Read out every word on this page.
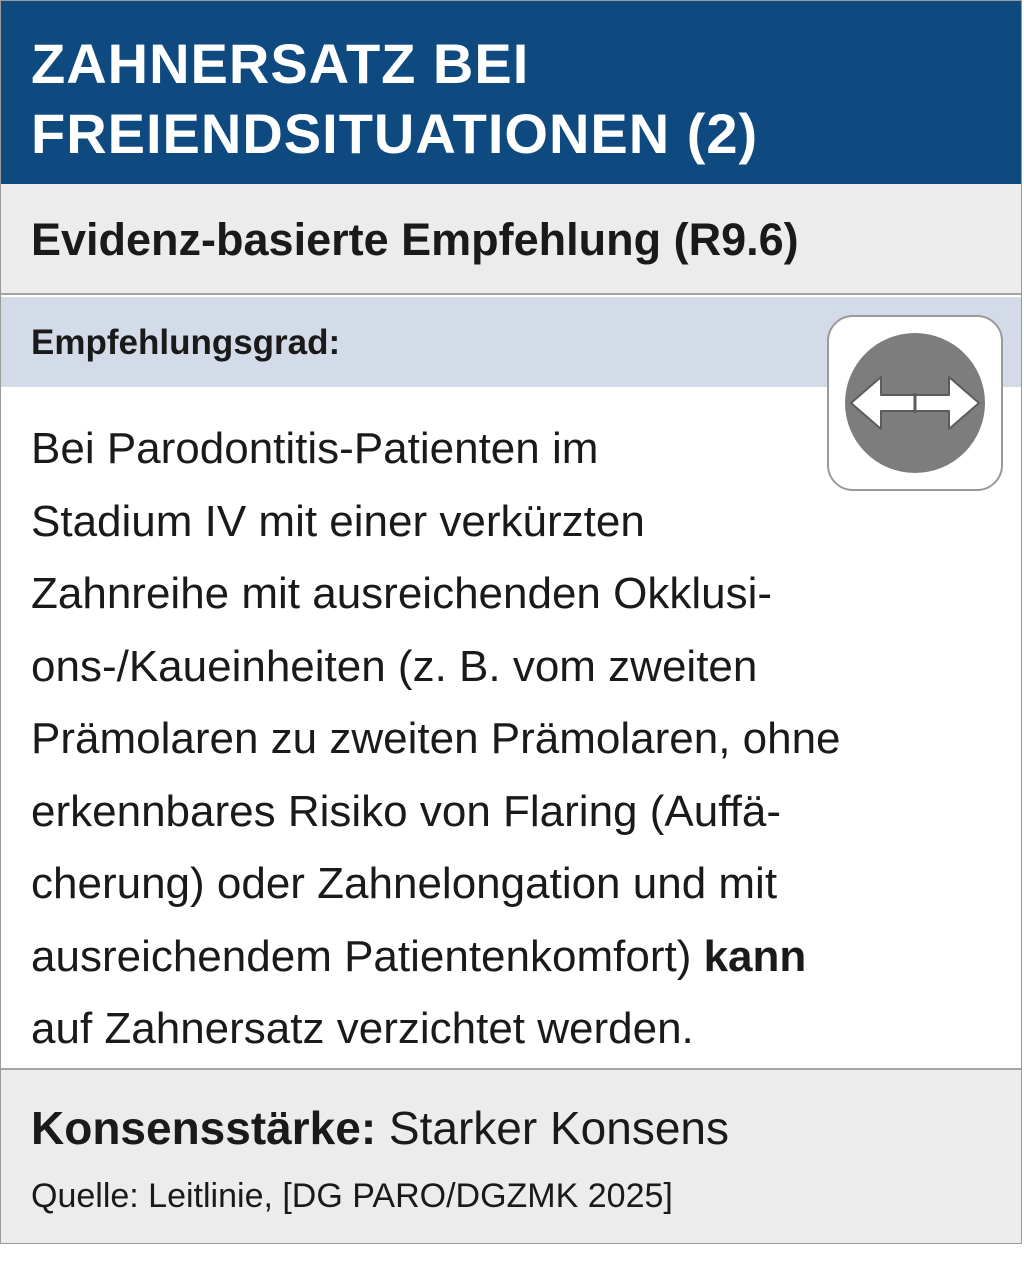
ZAHNERSATZ BEI
FREIENDSITUATIONEN (2)
Evidenz-basierte Empfehlung (R9.6)
Empfehlungsgrad:
Bei Parodontitis-Patienten im
Stadium IV mit einer verkürzten
Zahnreihe mit ausreichenden Okklusi-
ons-/Kaueinheiten (z. B. vom zweiten
Prämolaren zu zweiten Prämolaren, ohne
erkennbares Risiko von Flaring (Auffä-
cherung) oder Zahnelongation und mit
ausreichendem Patientenkomfort) kann
auf Zahnersatz verzichtet werden.
Konsensstärke: Starker Konsens
Quelle: Leitlinie, [DG PARO/DGZMK 2025]
